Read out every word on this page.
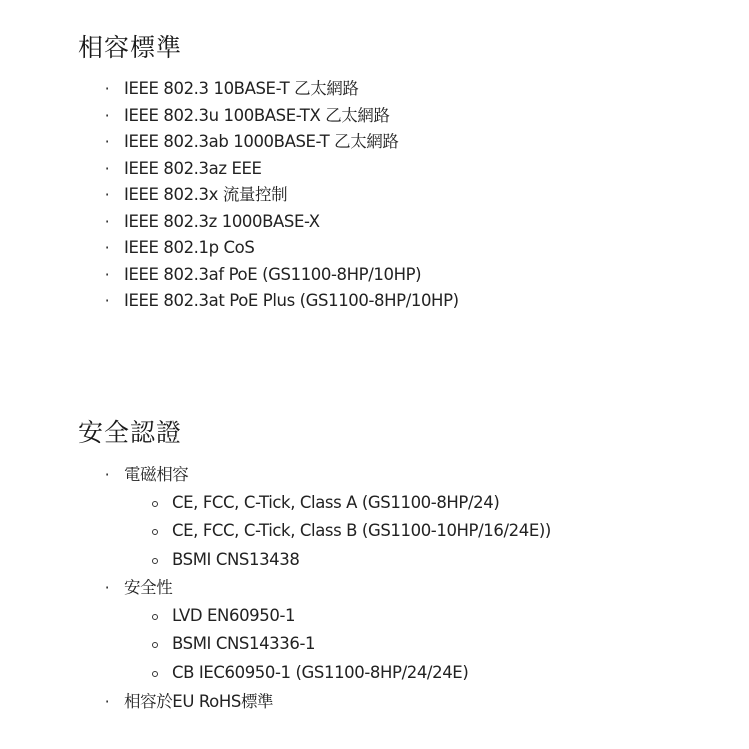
相容標準
· IEEE 802.3 10BASE-T 乙太網路
· IEEE 802.3u 100BASE-TX 乙太網路
· IEEE 802.3ab 1000BASE-T 乙太網路
· IEEE 802.3az EEE
· IEEE 802.3x 流量控制
· IEEE 802.3z 1000BASE-X
· IEEE 802.1p CoS
· IEEE 802.3af PoE (GS1100-8HP/10HP)
· IEEE 802.3at PoE Plus (GS1100-8HP/10HP)
安全認證
· 電磁相容
CE, FCC, C-Tick, Class A (GS1100-8HP/24)
CE, FCC, C-Tick, Class B (GS1100-10HP/16/24E))
BSMI CNS13438
· 安全性
LVD EN60950-1
BSMI CNS14336-1
CB IEC60950-1 (GS1100-8HP/24/24E)
· 相容於EU RoHS標準
